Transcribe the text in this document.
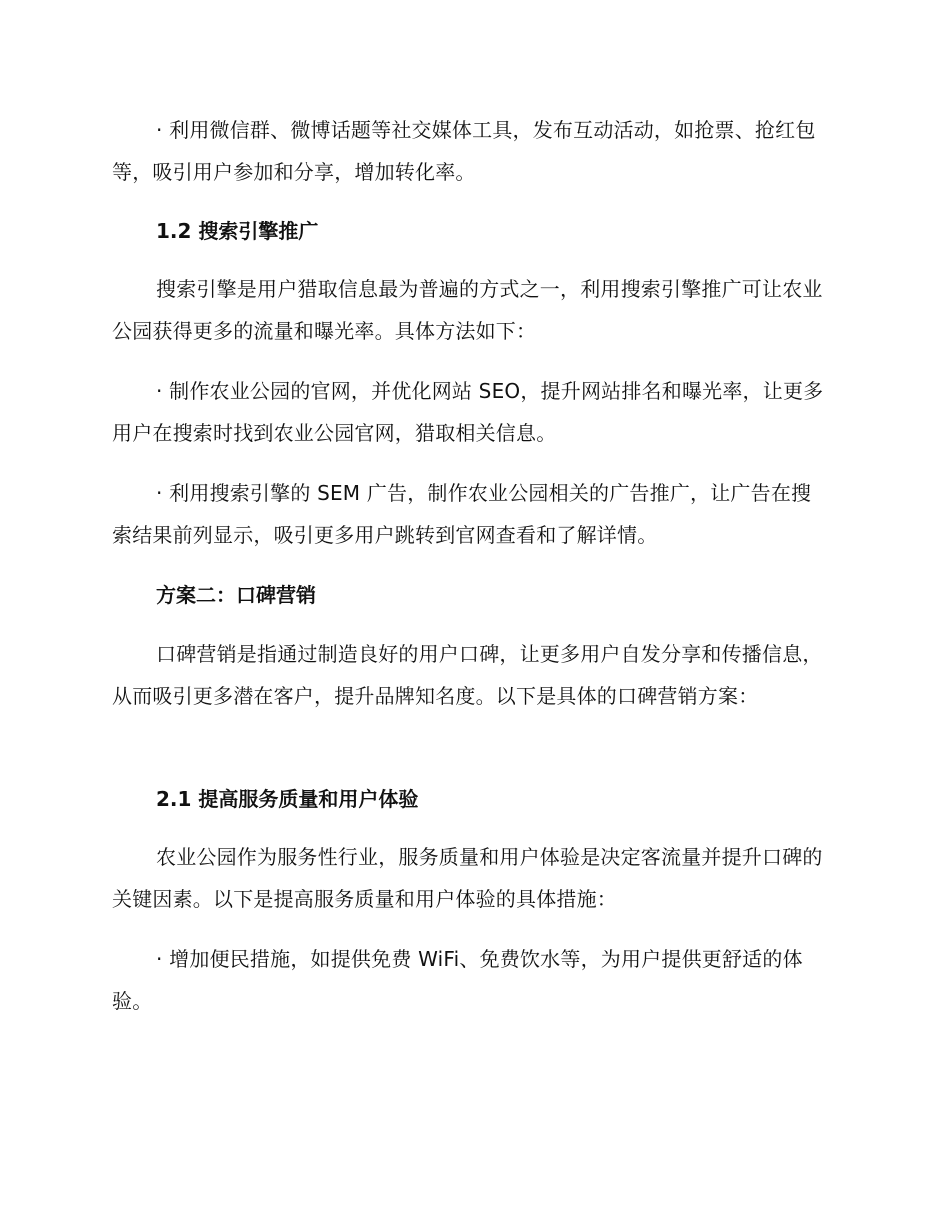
· 利用微信群、微博话题等社交媒体工具，发布互动活动，如抢票、抢红包等，吸引用户参加和分享，增加转化率。

1.2 搜索引擎推广

搜索引擎是用户猎取信息最为普遍的方式之一，利用搜索引擎推广可让农业公园获得更多的流量和曝光率。具体方法如下：

· 制作农业公园的官网，并优化网站 SEO，提升网站排名和曝光率，让更多用户在搜索时找到农业公园官网，猎取相关信息。

· 利用搜索引擎的 SEM 广告，制作农业公园相关的广告推广，让广告在搜索结果前列显示，吸引更多用户跳转到官网查看和了解详情。

方案二：口碑营销

口碑营销是指通过制造良好的用户口碑，让更多用户自发分享和传播信息，从而吸引更多潜在客户，提升品牌知名度。以下是具体的口碑营销方案：

2.1 提高服务质量和用户体验

农业公园作为服务性行业，服务质量和用户体验是决定客流量并提升口碑的关键因素。以下是提高服务质量和用户体验的具体措施：

· 增加便民措施，如提供免费 WiFi、免费饮水等，为用户提供更舒适的体验。
